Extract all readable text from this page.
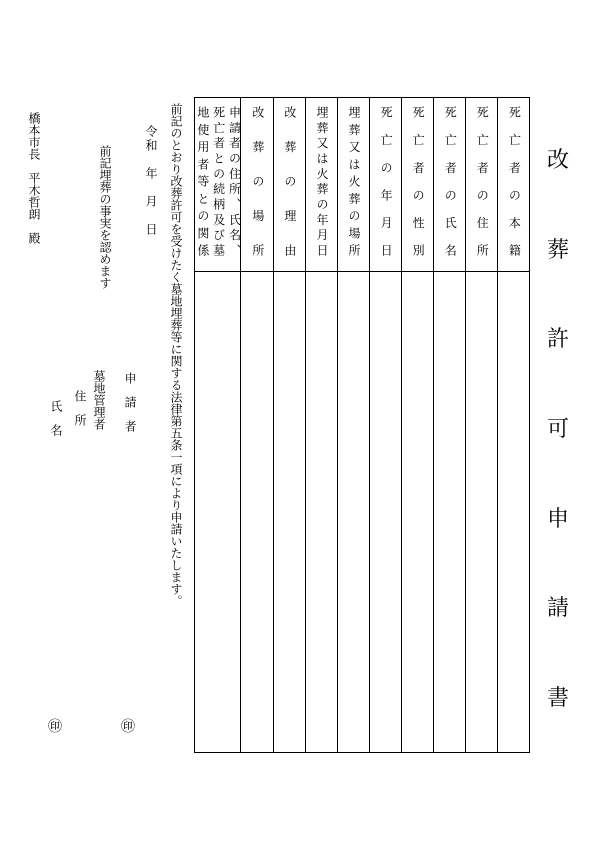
改
葬
許
可
申
請
書
死亡者の本籍
死亡者の住所
死亡者の氏名
死亡者の性別
死亡の年月日
埋葬又は火葬の場所
埋葬又は火葬の年月日
改葬の理由
改葬の場所
申請者の住所、氏名、
死亡者との続柄及び墓
地使用者等との関係
前記のとおり改葬許可を受けたく墓地埋葬等に関する法律第五条一項により申請いたします。
令和　年　月　日
申　請　者
㊞
前記埋葬の事実を認めます
墓地管理者
住　所
氏　名
㊞
橋本市長　平木哲朗　殿
